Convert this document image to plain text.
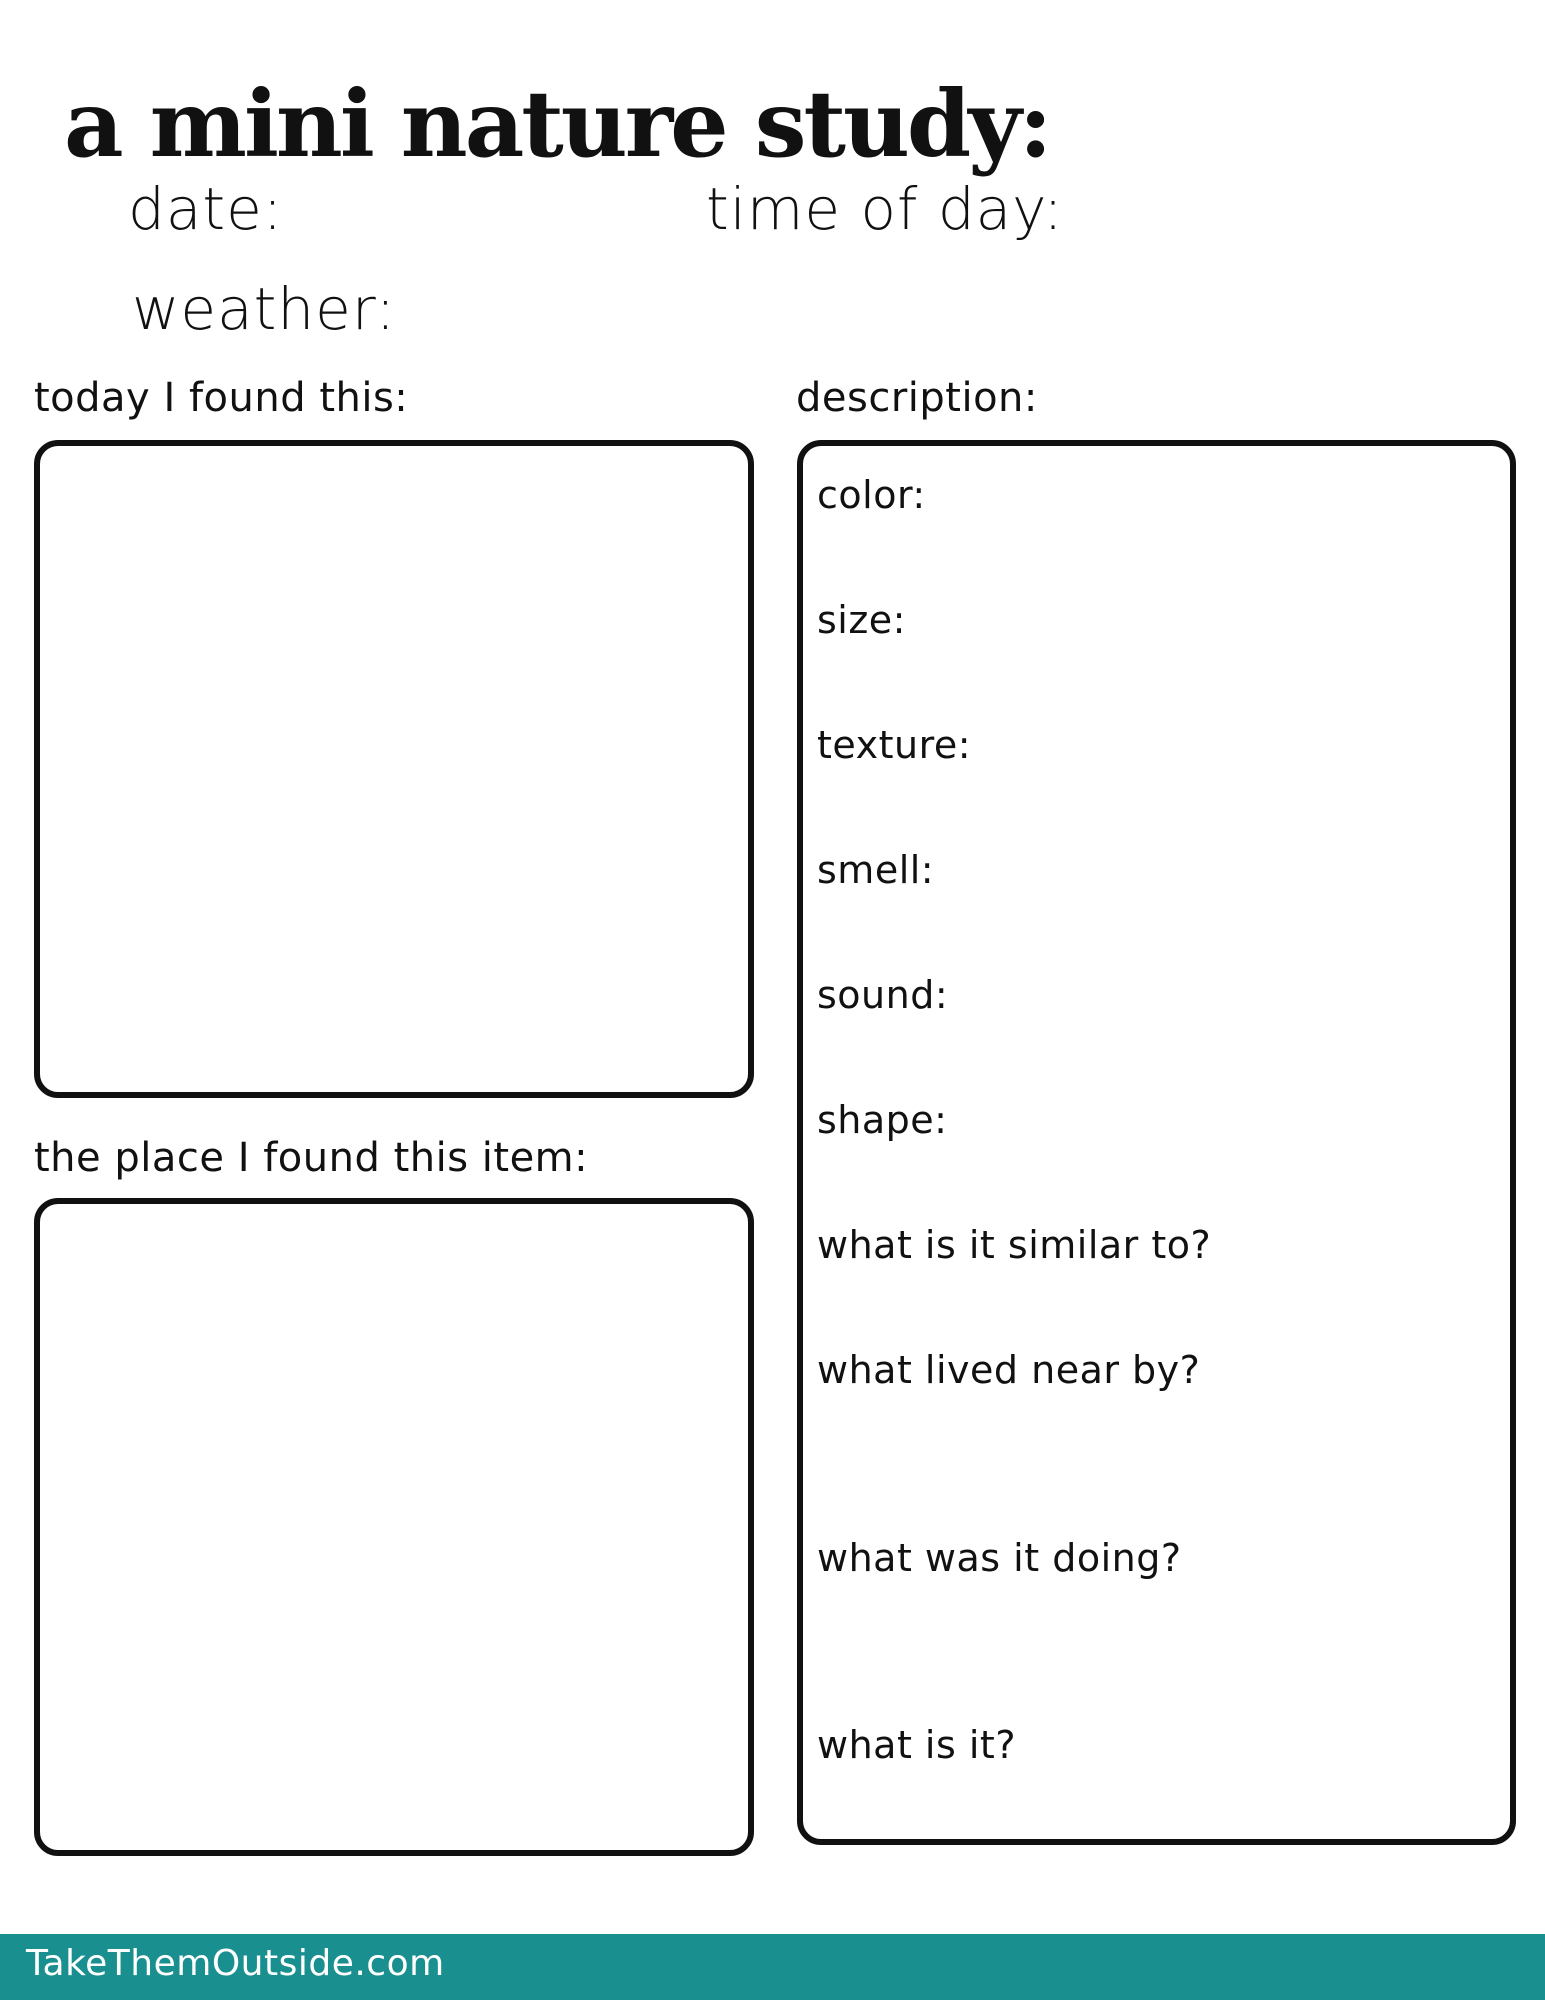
a mini nature study:
date:	time of day:
weather:
today I found this:
the place I found this item:
description:
color:
size:
texture:
smell:
sound:
shape:
what is it similar to?
what lived near by?
what was it doing?
what is it?
TakeThemOutside.com
